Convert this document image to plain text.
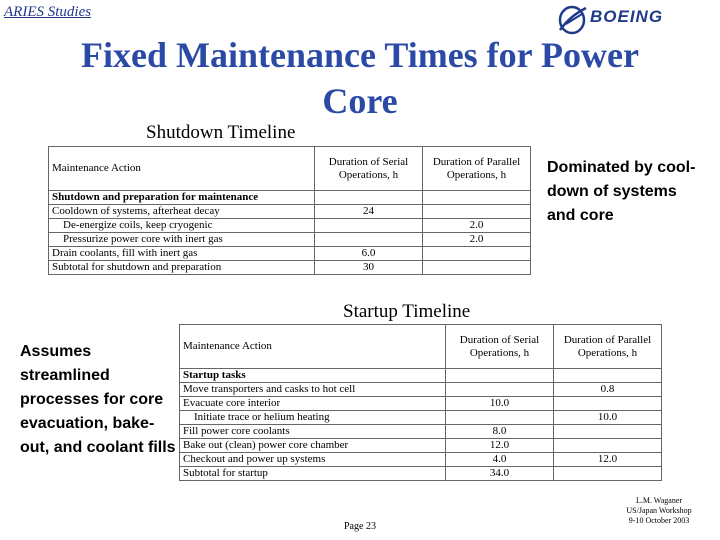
ARIES Studies	BOEING
Fixed Maintenance Times for Power Core
Shutdown Timeline
Maintenance Action	Duration of Serial Operations, h	Duration of Parallel Operations, h
Shutdown and preparation for maintenance		
Cooldown of systems, afterheat decay	24	
De-energize coils, keep cryogenic		2.0
Pressurize power core with inert gas		2.0
Drain coolants, fill with inert gas	6.0	
Subtotal for shutdown and preparation	30	
Dominated by cool-down of systems and core
Startup Timeline
Assumes streamlined processes for core evacuation, bake-out, and coolant fills
Maintenance Action	Duration of Serial Operations, h	Duration of Parallel Operations, h
Startup tasks		
Move transporters and casks to hot cell		0.8
Evacuate core interior	10.0	
Initiate trace or helium heating		10.0
Fill power core coolants	8.0	
Bake out (clean) power core chamber	12.0	
Checkout and power up systems	4.0	12.0
Subtotal for startup	34.0	
Page 23
L.M. Waganer
US/Japan Workshop
9-10 October 2003
